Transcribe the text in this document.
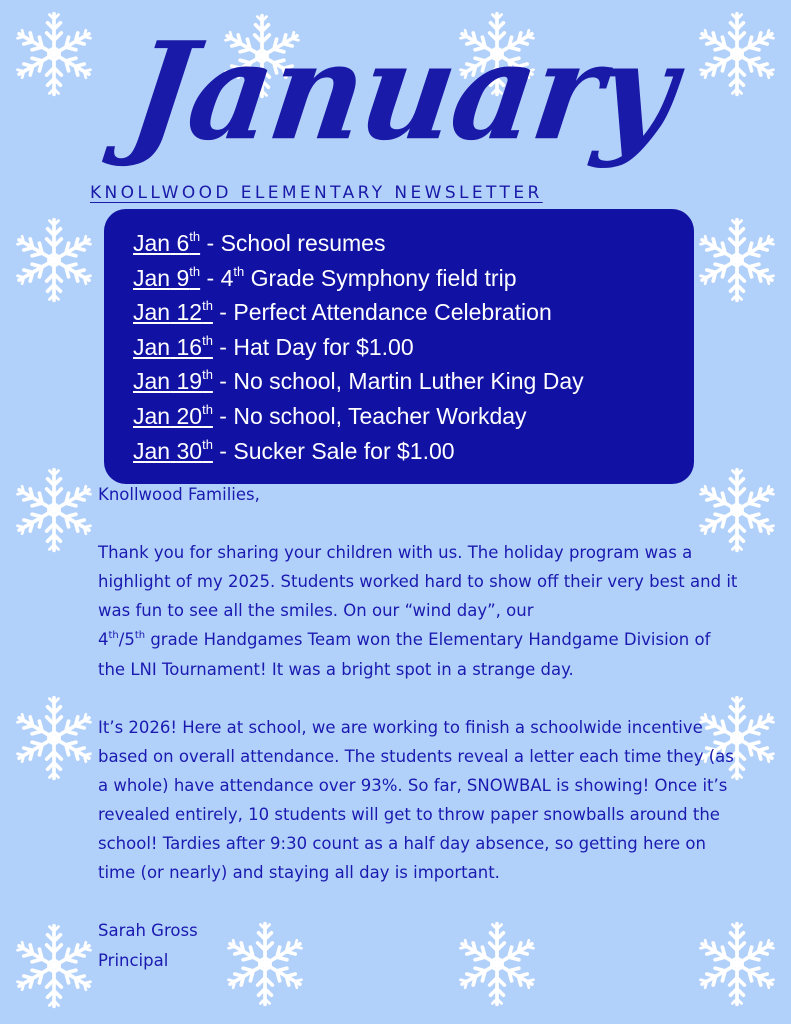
January
KNOLLWOOD ELEMENTARY NEWSLETTER
Jan 6th - School resumes
Jan 9th - 4th Grade Symphony field trip
Jan 12th - Perfect Attendance Celebration
Jan 16th - Hat Day for $1.00
Jan 19th - No school, Martin Luther King Day
Jan 20th - No school, Teacher Workday
Jan 30th - Sucker Sale for $1.00

Knollwood Families,

Thank you for sharing your children with us. The holiday program was a highlight of my 2025. Students worked hard to show off their very best and it was fun to see all the smiles. On our “wind day”, our
4th/5th grade Handgames Team won the Elementary Handgame Division of the LNI Tournament! It was a bright spot in a strange day.

It’s 2026! Here at school, we are working to finish a schoolwide incentive based on overall attendance. The students reveal a letter each time they (as a whole) have attendance over 93%. So far, SNOWBAL is showing! Once it’s revealed entirely, 10 students will get to throw paper snowballs around the school! Tardies after 9:30 count as a half day absence, so getting here on time (or nearly) and staying all day is important.

Sarah Gross
Principal
